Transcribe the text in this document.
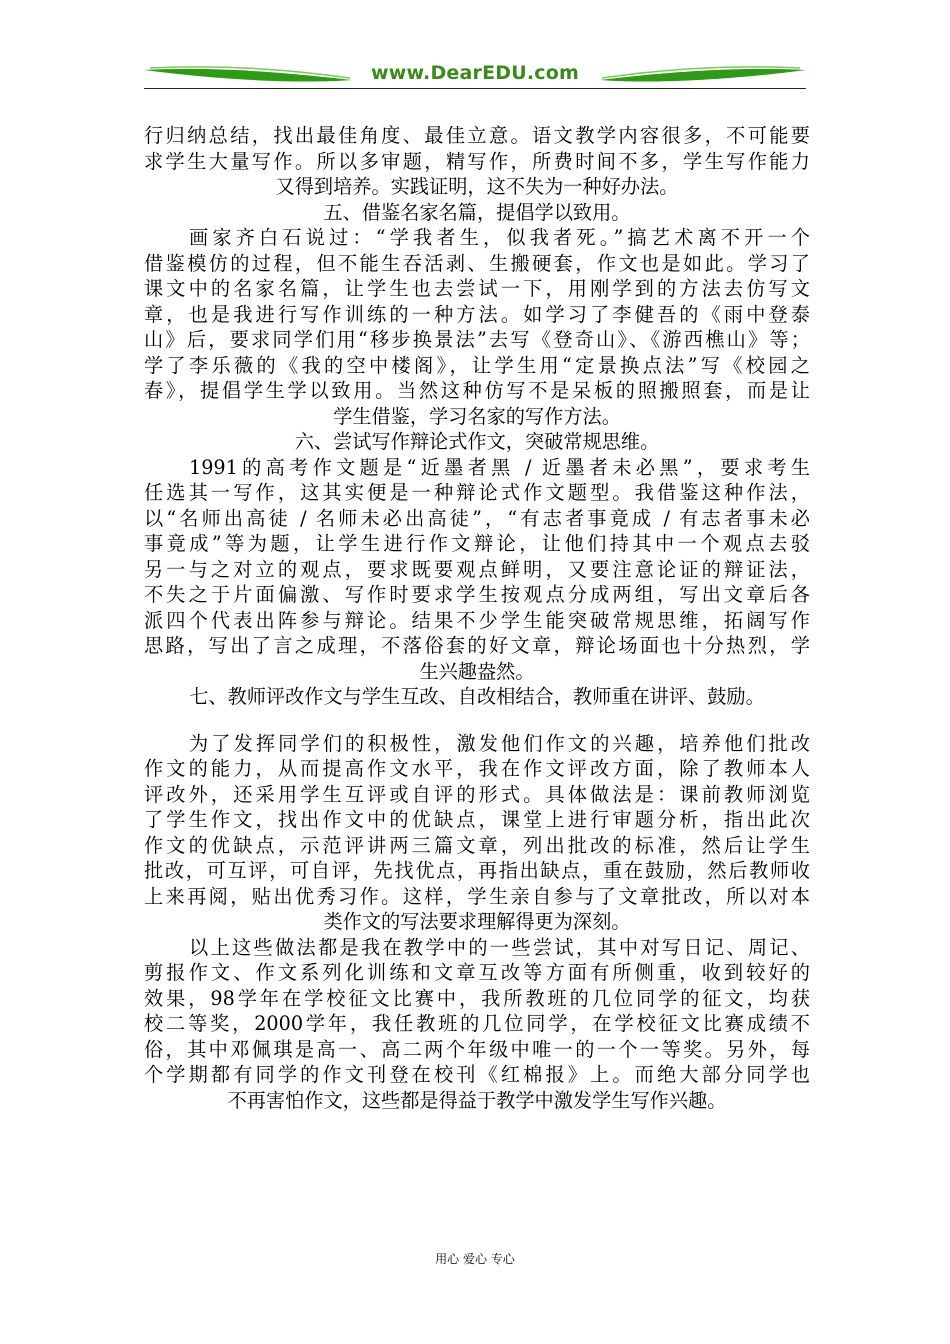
www.DearEDU.com
行归纳总结，找出最佳角度、最佳立意。语文教学内容很多，不可能要
求学生大量写作。所以多审题，精写作，所费时间不多，学生写作能力
又得到培养。实践证明，这不失为一种好办法。
五、借鉴名家名篇，提倡学以致用。
画家齐白石说过：“学我者生，似我者死。”搞艺术离不开一个
借鉴模仿的过程，但不能生吞活剥、生搬硬套，作文也是如此。学习了
课文中的名家名篇，让学生也去尝试一下，用刚学到的方法去仿写文
章，也是我进行写作训练的一种方法。如学习了李健吾的《雨中登泰
山》后，要求同学们用“移步换景法”去写《登奇山》、《游西樵山》等；
学了李乐薇的《我的空中楼阁》，让学生用“定景换点法”写《校园之
春》，提倡学生学以致用。当然这种仿写不是呆板的照搬照套，而是让
学生借鉴，学习名家的写作方法。
六、尝试写作辩论式作文，突破常规思维。
1991的高考作文题是“近墨者黑 / 近墨者未必黑”，要求考生
任选其一写作，这其实便是一种辩论式作文题型。我借鉴这种作法，
以“名师出高徒 / 名师未必出高徒”，“有志者事竟成 / 有志者事未必
事竟成”等为题，让学生进行作文辩论，让他们持其中一个观点去驳
另一与之对立的观点，要求既要观点鲜明，又要注意论证的辩证法，
不失之于片面偏激、写作时要求学生按观点分成两组，写出文章后各
派四个代表出阵参与辩论。结果不少学生能突破常规思维，拓阔写作
思路，写出了言之成理，不落俗套的好文章，辩论场面也十分热烈，学
生兴趣盎然。
七、教师评改作文与学生互改、自改相结合，教师重在讲评、鼓励。
为了发挥同学们的积极性，激发他们作文的兴趣，培养他们批改
作文的能力，从而提高作文水平，我在作文评改方面，除了教师本人
评改外，还采用学生互评或自评的形式。具体做法是：课前教师浏览
了学生作文，找出作文中的优缺点，课堂上进行审题分析，指出此次
作文的优缺点，示范评讲两三篇文章，列出批改的标准，然后让学生
批改，可互评，可自评，先找优点，再指出缺点，重在鼓励，然后教师收
上来再阅，贴出优秀习作。这样，学生亲自参与了文章批改，所以对本
类作文的写法要求理解得更为深刻。
以上这些做法都是我在教学中的一些尝试，其中对写日记、周记、
剪报作文、作文系列化训练和文章互改等方面有所侧重，收到较好的
效果，98学年在学校征文比赛中，我所教班的几位同学的征文，均获
校二等奖，2000学年，我任教班的几位同学，在学校征文比赛成绩不
俗，其中邓佩琪是高一、高二两个年级中唯一的一个一等奖。另外，每
个学期都有同学的作文刊登在校刊《红棉报》上。而绝大部分同学也
不再害怕作文，这些都是得益于教学中激发学生写作兴趣。
用心 爱心 专心
